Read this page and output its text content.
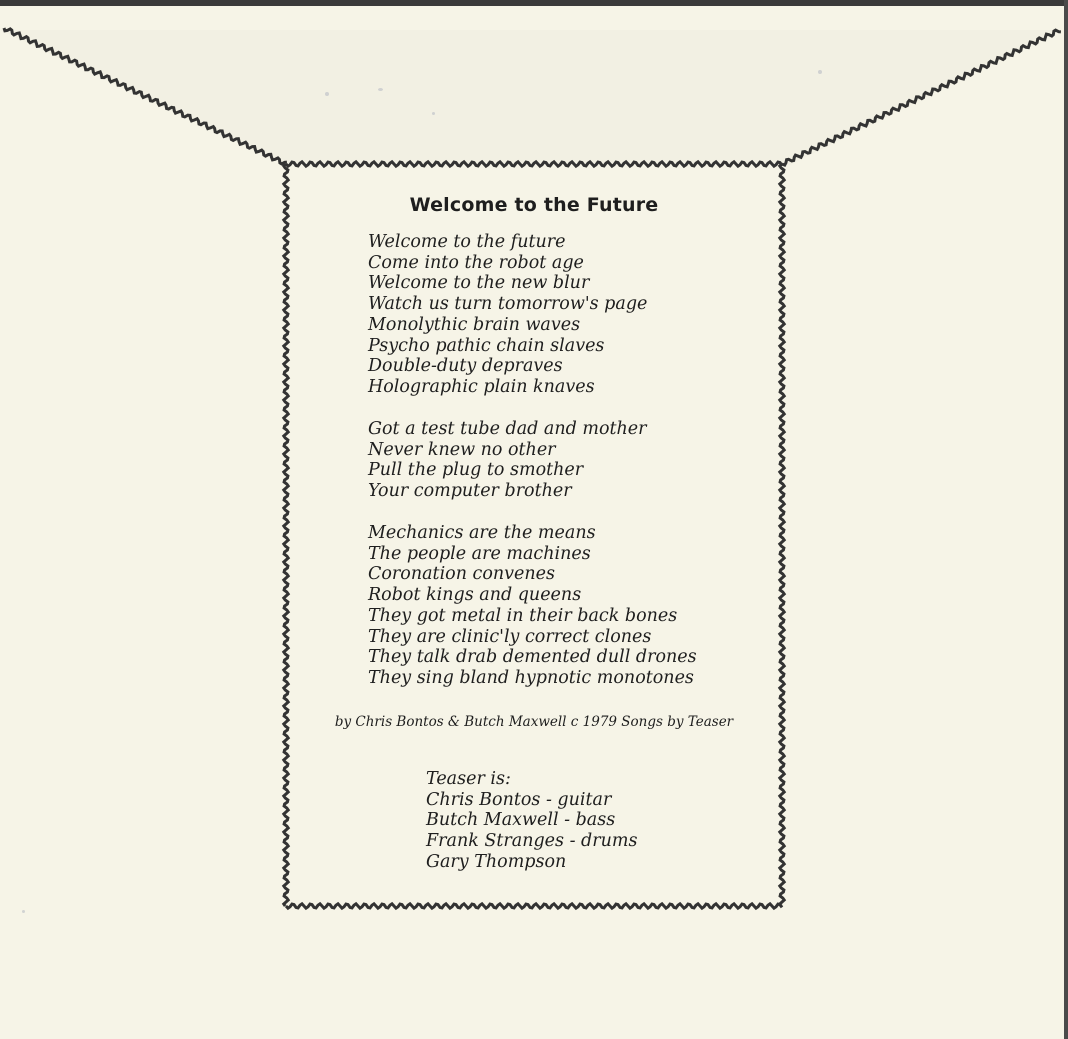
Welcome to the Future
Welcome to the future
Come into the robot age
Welcome to the new blur
Watch us turn tomorrow's page
Monolythic brain waves
Psycho pathic chain slaves
Double-duty depraves
Holographic plain knaves
Got a test tube dad and mother
Never knew no other
Pull the plug to smother
Your computer brother
Mechanics are the means
The people are machines
Coronation convenes
Robot kings and queens
They got metal in their back bones
They are clinic'ly correct clones
They talk drab demented dull drones
They sing bland hypnotic monotones

by Chris Bontos & Butch Maxwell c 1979 Songs by Teaser

Teaser is:
Chris Bontos - guitar
Butch Maxwell - bass
Frank Stranges - drums
Gary Thompson
